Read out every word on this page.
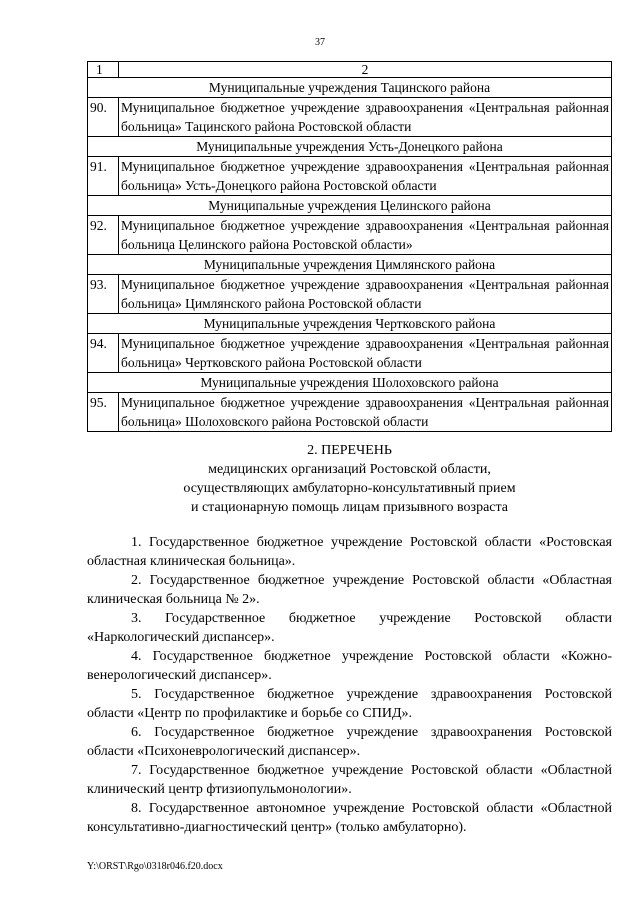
37
1	2
Муниципальные учреждения Тацинского района	
90.	Муниципальное бюджетное учреждение здравоохранения «Центральная районная больница» Тацинского района Ростовской области
Муниципальные учреждения Усть-Донецкого района	
91.	Муниципальное бюджетное учреждение здравоохранения «Центральная районная больница» Усть-Донецкого района Ростовской области
Муниципальные учреждения Целинского района	
92.	Муниципальное бюджетное учреждение здравоохранения «Центральная районная больница Целинского района Ростовской области»
Муниципальные учреждения Цимлянского района	
93.	Муниципальное бюджетное учреждение здравоохранения «Центральная районная больница» Цимлянского района Ростовской области
Муниципальные учреждения Чертковского района	
94.	Муниципальное бюджетное учреждение здравоохранения «Центральная районная больница» Чертковского района Ростовской области
Муниципальные учреждения Шолоховского района	
95.	Муниципальное бюджетное учреждение здравоохранения «Центральная районная больница» Шолоховского района Ростовской области
2. ПЕРЕЧЕНЬ
медицинских организаций Ростовской области,
осуществляющих амбулаторно-консультативный прием
и стационарную помощь лицам призывного возраста

1. Государственное бюджетное учреждение Ростовской области «Ростовская областная клиническая больница».

2. Государственное бюджетное учреждение Ростовской области «Областная клиническая больница № 2».

3. Государственное бюджетное учреждение Ростовской области «Наркологический диспансер».

4. Государственное бюджетное учреждение Ростовской области «Кожно-венерологический диспансер».

5. Государственное бюджетное учреждение здравоохранения Ростовской области «Центр по профилактике и борьбе со СПИД».

6. Государственное бюджетное учреждение здравоохранения Ростовской области «Психоневрологический диспансер».

7. Государственное бюджетное учреждение Ростовской области «Областной клинический центр фтизиопульмонологии».

8. Государственное автономное учреждение Ростовской области «Областной консультативно-диагностический центр» (только амбулаторно).

Y:\ORST\Rgo\0318r046.f20.docx
